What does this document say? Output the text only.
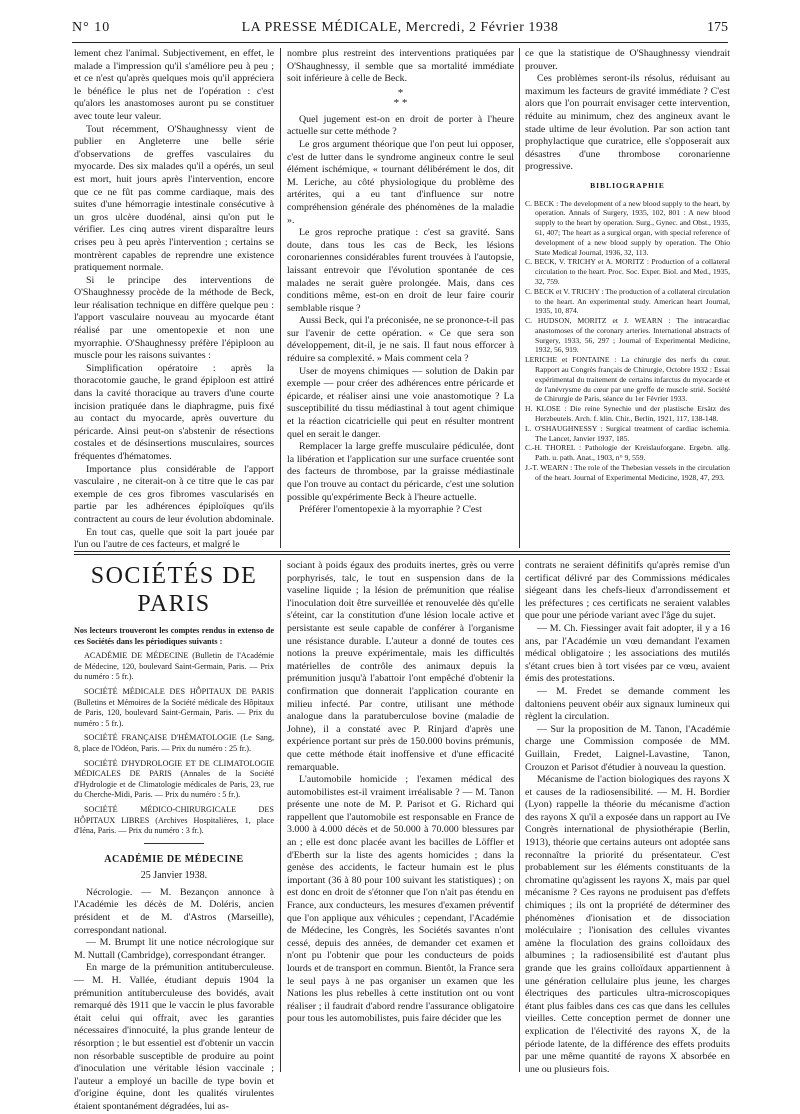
N° 10	LA PRESSE MÉDICALE, Mercredi, 2 Février 1938	175

lement chez l'animal. Subjectivement, en effet, le malade a l'impression qu'il s'améliore peu à peu ; et ce n'est qu'après quelques mois qu'il appréciera le bénéfice le plus net de l'opération : c'est qu'alors les anastomoses auront pu se constituer avec toute leur valeur.

Tout récemment, O'Shaughnessy vient de publier en Angleterre une belle série d'observations de greffes vasculaires du myocarde. Des six malades qu'il a opérés, un seul est mort, huit jours après l'intervention, encore que ce ne fût pas comme cardiaque, mais des suites d'une hémorragie intestinale consécutive à un gros ulcère duodénal, ainsi qu'on put le vérifier. Les cinq autres virent disparaître leurs crises peu à peu après l'intervention ; certains se montrèrent capables de reprendre une existence pratiquement normale.

Si le principe des interventions de O'Shaughnessy procède de la méthode de Beck, leur réalisation technique en diffère quelque peu : l'apport vasculaire nouveau au myocarde étant réalisé par une omentopexie et non une myorraphie. O'Shaughnessy préfère l'épiploon au muscle pour les raisons suivantes :

Simplification opératoire : après la thoracotomie gauche, le grand épiploon est attiré dans la cavité thoracique au travers d'une courte incision pratiquée dans le diaphragme, puis fixé au contact du myocarde, après ouverture du péricarde. Ainsi peut-on s'abstenir de résections costales et de désinsertions musculaires, sources fréquentes d'hématomes.

Importance plus considérable de l'apport vasculaire , ne citerait-on à ce titre que le cas par exemple de ces gros fibromes vascularisés en partie par les adhérences épiploïques qu'ils contractent au cours de leur évolution abdominale.

En tout cas, quelle que soit la part jouée par l'un ou l'autre de ces facteurs, et malgré le

nombre plus restreint des interventions pratiquées par O'Shaughnessy, il semble que sa mortalité immédiate soit inférieure à celle de Beck.

*
* *

Quel jugement est-on en droit de porter à l'heure actuelle sur cette méthode ?

Le gros argument théorique que l'on peut lui opposer, c'est de lutter dans le syndrome angineux contre le seul élément ischémique, « tournant délibérément le dos, dit M. Leriche, au côté physiologique du problème des artérites, qui a eu tant d'influence sur notre compréhension générale des phénomènes de la maladie ».

Le gros reproche pratique : c'est sa gravité. Sans doute, dans tous les cas de Beck, les lésions coronariennes considérables furent trouvées à l'autopsie, laissant entrevoir que l'évolution spontanée de ces malades ne serait guère prolongée. Mais, dans ces conditions même, est-on en droit de leur faire courir semblable risque ?

Aussi Beck, qui l'a préconisée, ne se prononce-t-il pas sur l'avenir de cette opération. « Ce que sera son développement, dit-il, je ne sais. Il faut nous efforcer à réduire sa complexité. » Mais comment cela ?

User de moyens chimiques — solution de Dakin par exemple — pour créer des adhérences entre péricarde et épicarde, et réaliser ainsi une voie anastomotique ? La susceptibilité du tissu médiastinal à tout agent chimique et la réaction cicatricielle qui peut en résulter montrent quel en serait le danger.

Remplacer la large greffe musculaire pédiculée, dont la libération et l'application sur une surface cruentée sont des facteurs de thrombose, par la graisse médiastinale que l'on trouve au contact du péricarde, c'est une solution possible qu'expérimente Beck à l'heure actuelle.

Préférer l'omentopexie à la myorraphie ? C'est

ce que la statistique de O'Shaughnessy viendrait prouver.

Ces problèmes seront-ils résolus, réduisant au maximum les facteurs de gravité immédiate ? C'est alors que l'on pourrait envisager cette intervention, réduite au minimum, chez des angineux avant le stade ultime de leur évolution. Par son action tant prophylactique que curatrice, elle s'opposerait aux désastres d'une thrombose coronarienne progressive.

BIBLIOGRAPHIE

C. BECK : The development of a new blood supply to the heart, by operation. Annals of Surgery, 1935, 102, 801 : A new blood supply to the heart by operation. Surg., Gynec. and Obst., 1935, 61, 407; The heart as a surgical organ, with special reference of development of a new blood supply by operation. The Ohio State Medical Journal, 1936, 32, 113.

C. BECK, V. TRICHY et A. MORITZ : Production of a collateral circulation to the heart. Proc. Soc. Exper. Biol. and Med., 1935, 32, 759.

C. BECK et V. TRICHY : The production of a collateral circulation to the heart. An experimental study. American heart Journal, 1935, 10, 874.

C. HUDSON, MORITZ et J. WEARN : The intracardiac anastomoses of the coronary arteries. International abstracts of Surgery, 1933, 56, 297 ; Journal of Experimental Medicine, 1932, 56, 919.

LERICHE et FONTAINE : La chirurgie des nerfs du cœur. Rapport au Congrès français de Chirurgie, Octobre 1932 : Essai expérimental du traitement de certains infarctus du myocarde et de l'anévrysme du cœur par une greffe de muscle strié. Société de Chirurgie de Paris, séance du 1er Février 1933.

H. KLOSE : Die reine Synechie und der plastische Ersätz des Herzbeutels. Arch. f. klin. Chir., Berlin, 1921, 117, 138-148.

L. O'SHAUGHNESSY : Surgical treatment of cardiac ischemia. The Lancet, Janvier 1937, 185.

C.-H. THOREL : Pathologie der Kreislauforgane. Ergebn. allg. Path. u. path. Anat., 1903, n° 9, 559.

J.-T. WEARN : The role of the Thebesian vessels in the circulation of the heart. Journal of Experimental Medicine, 1928, 47, 293.

SOCIÉTÉS DE PARIS

Nos lecteurs trouveront les comptes rendus in extenso de ces Sociétés dans les périodiques suivants :

ACADÉMIE DE MÉDECINE (Bulletin de l'Académie de Médecine, 120, boulevard Saint-Germain, Paris. — Prix du numéro : 5 fr.).

SOCIÉTÉ MÉDICALE DES HÔPITAUX DE PARIS (Bulletins et Mémoires de la Société médicale des Hôpitaux de Paris, 120, boulevard Saint-Germain, Paris. — Prix du numéro : 5 fr.).

SOCIÉTÉ FRANÇAISE D'HÉMATOLOGIE (Le Sang, 8, place de l'Odéon, Paris. — Prix du numéro : 25 fr.).

SOCIÉTÉ D'HYDROLOGIE ET DE CLIMATOLOGIE MÉDICALES DE PARIS (Annales de la Société d'Hydrologie et de Climatologie médicales de Paris, 23, rue du Cherche-Midi, Paris. — Prix du numéro : 5 fr.).

SOCIÉTÉ MÉDICO-CHIRURGICALE DES HÔPITAUX LIBRES (Archives Hospitalières, 1, place d'Iéna, Paris. — Prix du numéro : 3 fr.).

ACADÉMIE DE MÉDECINE
25 Janvier 1938.

Nécrologie. — M. Bezançon annonce à l'Académie les décès de M. Doléris, ancien président et de M. d'Astros (Marseille), correspondant national.

— M. Brumpt lit une notice nécrologique sur M. Nuttall (Cambridge), correspondant étranger.

En marge de la prémunition antituberculeuse. — M. H. Vallée, étudiant depuis 1904 la prémunition antituberculeuse des bovidés, avait remarqué dès 1911 que le vaccin le plus favorable était celui qui offrait, avec les garanties nécessaires d'innocuité, la plus grande lenteur de résorption ; le but essentiel est d'obtenir un vaccin non résorbable susceptible de produire au point d'inoculation une véritable lésion vaccinale ; l'auteur a employé un bacille de type bovin et d'origine équine, dont les qualités virulentes étaient spontanément dégradées, lui as-

sociant à poids égaux des produits inertes, grès ou verre porphyrisés, talc, le tout en suspension dans de la vaseline liquide ; la lésion de prémunition que réalise l'inoculation doit être surveillée et renouvelée dès qu'elle s'éteint, car la constitution d'une lésion locale active et persistante est seule capable de conférer à l'organisme une résistance durable. L'auteur a donné de toutes ces notions la preuve expérimentale, mais les difficultés matérielles de contrôle des animaux depuis la prémunition jusqu'à l'abattoir l'ont empêché d'obtenir la confirmation que donnerait l'application courante en milieu infecté. Par contre, utilisant une méthode analogue dans la paratuberculose bovine (maladie de Johne), il a constaté avec P. Rinjard d'après une expérience portant sur près de 150.000 bovins prémunis, que cette méthode était inoffensive et d'une efficacité remarquable.

L'automobile homicide ; l'examen médical des automobilistes est-il vraiment irréalisable ? — M. Tanon présente une note de M. P. Parisot et G. Richard qui rappellent que l'automobile est responsable en France de 3.000 à 4.000 décès et de 50.000 à 70.000 blessures par an ; elle est donc placée avant les bacilles de Löffler et d'Eberth sur la liste des agents homicides ; dans la genèse des accidents, le facteur humain est le plus important (36 à 80 pour 100 suivant les statistiques) ; on est donc en droit de s'étonner que l'on n'ait pas étendu en France, aux conducteurs, les mesures d'examen préventif que l'on applique aux véhicules ; cependant, l'Académie de Médecine, les Congrès, les Sociétés savantes n'ont cessé, depuis des années, de demander cet examen et n'ont pu l'obtenir que pour les conducteurs de poids lourds et de transport en commun. Bientôt, la France sera le seul pays à ne pas organiser un examen que les Nations les plus rebelles à cette institution ont ou vont réaliser ; il faudrait d'abord rendre l'assurance obligatoire pour tous les automobilistes, puis faire décider que les

contrats ne seraient définitifs qu'après remise d'un certificat délivré par des Commissions médicales siégeant dans les chefs-lieux d'arrondissement et les préfectures ; ces certificats ne seraient valables que pour une période variant avec l'âge du sujet.

— M. Ch. Fiessinger avait fait adopter, il y a 16 ans, par l'Académie un vœu demandant l'examen médical obligatoire ; les associations des mutilés s'étant crues bien à tort visées par ce vœu, avaient émis des protestations.

— M. Fredet se demande comment les daltoniens peuvent obéir aux signaux lumineux qui règlent la circulation.

— Sur la proposition de M. Tanon, l'Académie charge une Commission composée de MM. Guillain, Fredet, Laignel-Lavastine, Tanon, Crouzon et Parisot d'étudier à nouveau la question.

Mécanisme de l'action biologiques des rayons X et causes de la radiosensibilité. — M. H. Bordier (Lyon) rappelle la théorie du mécanisme d'action des rayons X qu'il a exposée dans un rapport au IVe Congrès international de physiothérapie (Berlin, 1913), théorie que certains auteurs ont adoptée sans reconnaître la priorité du présentateur. C'est probablement sur les éléments constituants de la chromatine qu'agissent les rayons X, mais par quel mécanisme ? Ces rayons ne produisent pas d'effets chimiques ; ils ont la propriété de déterminer des phénomènes d'ionisation et de dissociation moléculaire ; l'ionisation des cellules vivantes amène la floculation des grains colloïdaux des albumines ; la radiosensibilité est d'autant plus grande que les grains colloïdaux appartiennent à une génération cellulaire plus jeune, les charges électriques des particules ultra-microscopiques étant plus faibles dans ces cas que dans les cellules vieilles. Cette conception permet de donner une explication de l'électivité des rayons X, de la période latente, de la différence des effets produits par une même quantité de rayons X absorbée en une ou plusieurs fois.
